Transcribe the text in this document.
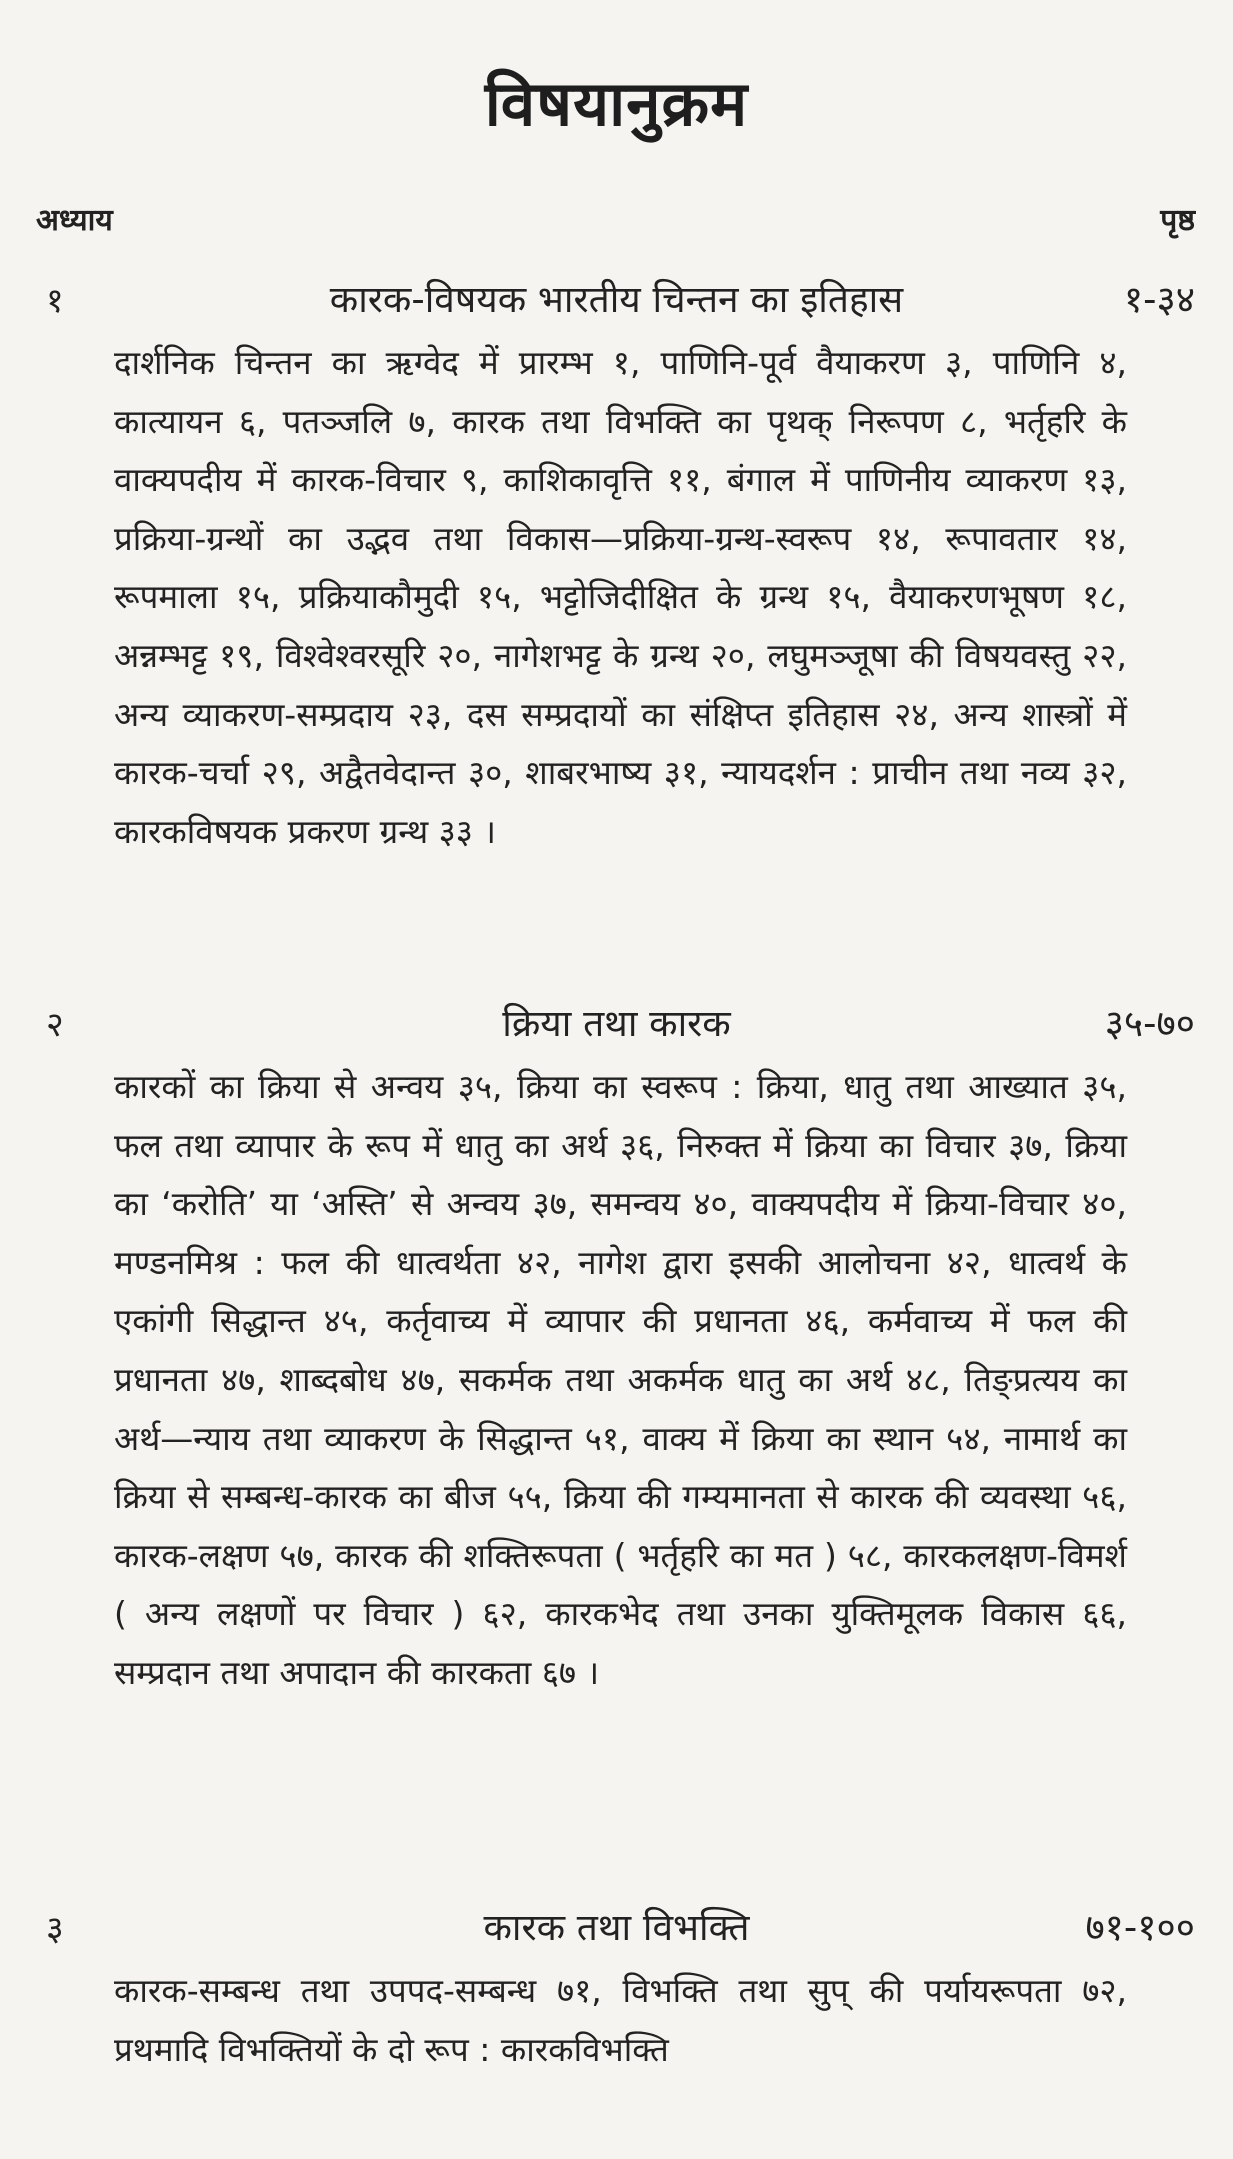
विषयानुक्रम
अध्याय	पृष्ठ
१	कारक-विषयक भारतीय चिन्तन का इतिहास	१-३४
दार्शनिक चिन्तन का ऋग्वेद में प्रारम्भ १, पाणिनि-पूर्व वैयाकरण ३, पाणिनि ४, कात्यायन ६, पतञ्जलि ७, कारक तथा विभक्ति का पृथक् निरूपण ८, भर्तृहरि के वाक्यपदीय में कारक-विचार ९, काशिकावृत्ति ११, बंगाल में पाणिनीय व्याकरण १३, प्रक्रिया-ग्रन्थों का उद्भव तथा विकास—प्रक्रिया-ग्रन्थ-स्वरूप १४, रूपावतार १४, रूपमाला १५, प्रक्रियाकौमुदी १५, भट्टोजिदीक्षित के ग्रन्थ १५, वैयाकरणभूषण १८, अन्नम्भट्ट १९, विश्वेश्वरसूरि २०, नागेशभट्ट के ग्रन्थ २०, लघुमञ्जूषा की विषयवस्तु २२, अन्य व्याकरण-सम्प्रदाय २३, दस सम्प्रदायों का संक्षिप्त इतिहास २४, अन्य शास्त्रों में कारक-चर्चा २९, अद्वैतवेदान्त ३०, शाबरभाष्य ३१, न्यायदर्शन : प्राचीन तथा नव्य ३२, कारकविषयक प्रकरण ग्रन्थ ३३ ।
२	क्रिया तथा कारक	३५-७०
कारकों का क्रिया से अन्वय ३५, क्रिया का स्वरूप : क्रिया, धातु तथा आख्यात ३५, फल तथा व्यापार के रूप में धातु का अर्थ ३६, निरुक्त में क्रिया का विचार ३७, क्रिया का ‘करोति’ या ‘अस्ति’ से अन्वय ३७, समन्वय ४०, वाक्यपदीय में क्रिया-विचार ४०, मण्डनमिश्र : फल की धात्वर्थता ४२, नागेश द्वारा इसकी आलोचना ४२, धात्वर्थ के एकांगी सिद्धान्त ४५, कर्तृवाच्य में व्यापार की प्रधानता ४६, कर्मवाच्य में फल की प्रधानता ४७, शाब्दबोध ४७, सकर्मक तथा अकर्मक धातु का अर्थ ४८, तिङ्प्रत्यय का अर्थ—न्याय तथा व्याकरण के सिद्धान्त ५१, वाक्य में क्रिया का स्थान ५४, नामार्थ का क्रिया से सम्बन्ध-कारक का बीज ५५, क्रिया की गम्यमानता से कारक की व्यवस्था ५६, कारक-लक्षण ५७, कारक की शक्तिरूपता ( भर्तृहरि का मत ) ५८, कारकलक्षण-विमर्श ( अन्य लक्षणों पर विचार ) ६२, कारकभेद तथा उनका युक्तिमूलक विकास ६६, सम्प्रदान तथा अपादान की कारकता ६७ ।
३	कारक तथा विभक्ति	७१-१००
कारक-सम्बन्ध तथा उपपद-सम्बन्ध ७१, विभक्ति तथा सुप् की पर्यायरूपता ७२, प्रथमादि विभक्तियों के दो रूप : कारकविभक्ति
